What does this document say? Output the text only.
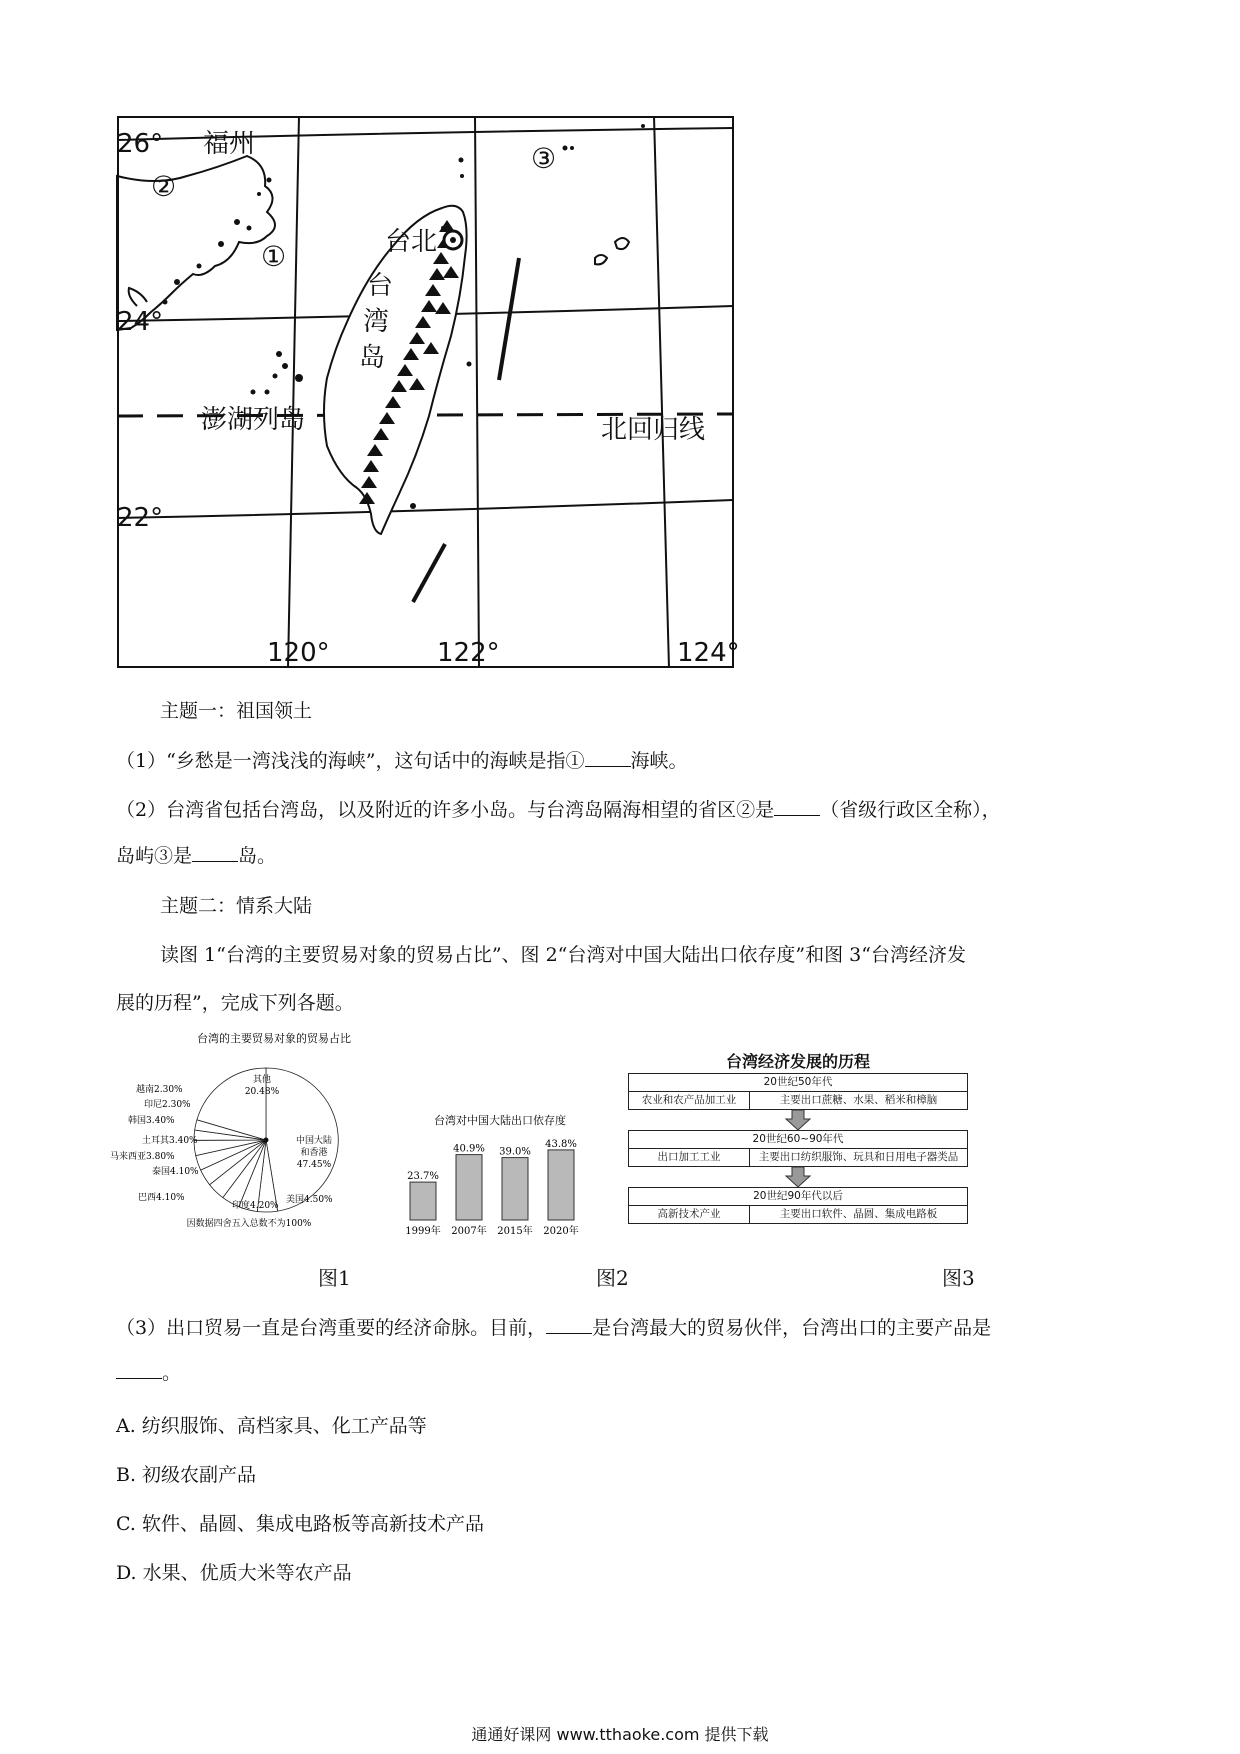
26°
24°
22°
120°	122°	124°
福州
②
①
③
台北
台
湾
岛
澎湖列岛	北回归线
主题一：祖国领土
（1）“乡愁是一湾浅浅的海峡”，这句话中的海峡是指① 海峡。
（2）台湾省包括台湾岛，以及附近的许多小岛。与台湾岛隔海相望的省区②是 （省级行政区全称），
岛屿③是 岛。
主题二：情系大陆
读图 1“台湾的主要贸易对象的贸易占比”、图 2“台湾对中国大陆出口依存度”和图 3“台湾经济发
展的历程”，完成下列各题。
台湾的主要贸易对象的贸易占比
中国大陆
和香港
47.45%
其他
20.48%
越南2.30%
印尼2.30%
韩国3.40%
土耳其3.40%
马来西亚3.80%
泰国4.10%
巴西4.10%
印度4.20%
美国4.50%
因数据四舍五入总数不为100%
台湾对中国大陆出口依存度
23.7%
1999年
40.9%
2007年
39.0%
2015年
43.8%
2020年
台湾经济发展的历程
20世纪50年代
农业和农产品加工业	主要出口蔗糖、水果、稻米和樟脑
20世纪60~90年代
出口加工工业	主要出口纺织服饰、玩具和日用电子器类品
20世纪90年代以后
高新技术产业	主要出口软件、晶圆、集成电路板
图1	图2	图3
（3）出口贸易一直是台湾重要的经济命脉。目前， 是台湾最大的贸易伙伴，台湾出口的主要产品是
。
A. 纺织服饰、高档家具、化工产品等
B. 初级农副产品
C. 软件、晶圆、集成电路板等高新技术产品
D. 水果、优质大米等农产品
通通好课网 www.tthaoke.com 提供下载
